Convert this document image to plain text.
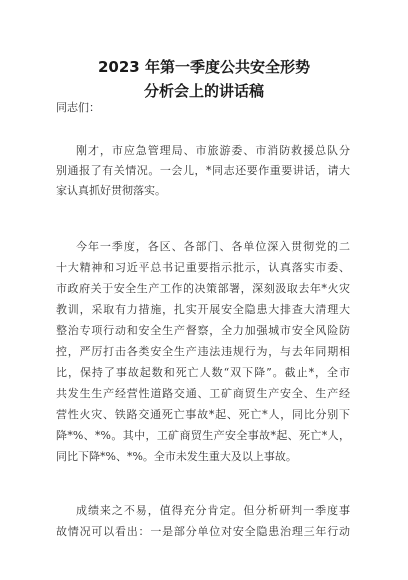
2023 年第一季度公共安全形势
分析会上的讲话稿

同志们：

刚才，市应急管理局、市旅游委、市消防救援总队分

别通报了有关情况。一会儿，*同志还要作重要讲话，请大

家认真抓好贯彻落实。

今年一季度，各区、各部门、各单位深入贯彻党的二

十大精神和习近平总书记重要指示批示，认真落实市委、

市政府关于安全生产工作的决策部署，深刻汲取去年*火灾

教训，采取有力措施，扎实开展安全隐患大排查大清理大

整治专项行动和安全生产督察，全力加强城市安全风险防

控，严厉打击各类安全生产违法违规行为，与去年同期相

比，保持了事故起数和死亡人数“双下降”。截止*，全市

共发生生产经营性道路交通、工矿商贸生产安全、生产经

营性火灾、铁路交通死亡事故*起、死亡*人，同比分别下

降*%、*%。其中，工矿商贸生产安全事故*起、死亡*人，

同比下降*%、*%。全市未发生重大及以上事故。

成绩来之不易，值得充分肯定。但分析研判一季度事

故情况可以看出：一是部分单位对安全隐患治理三年行动
